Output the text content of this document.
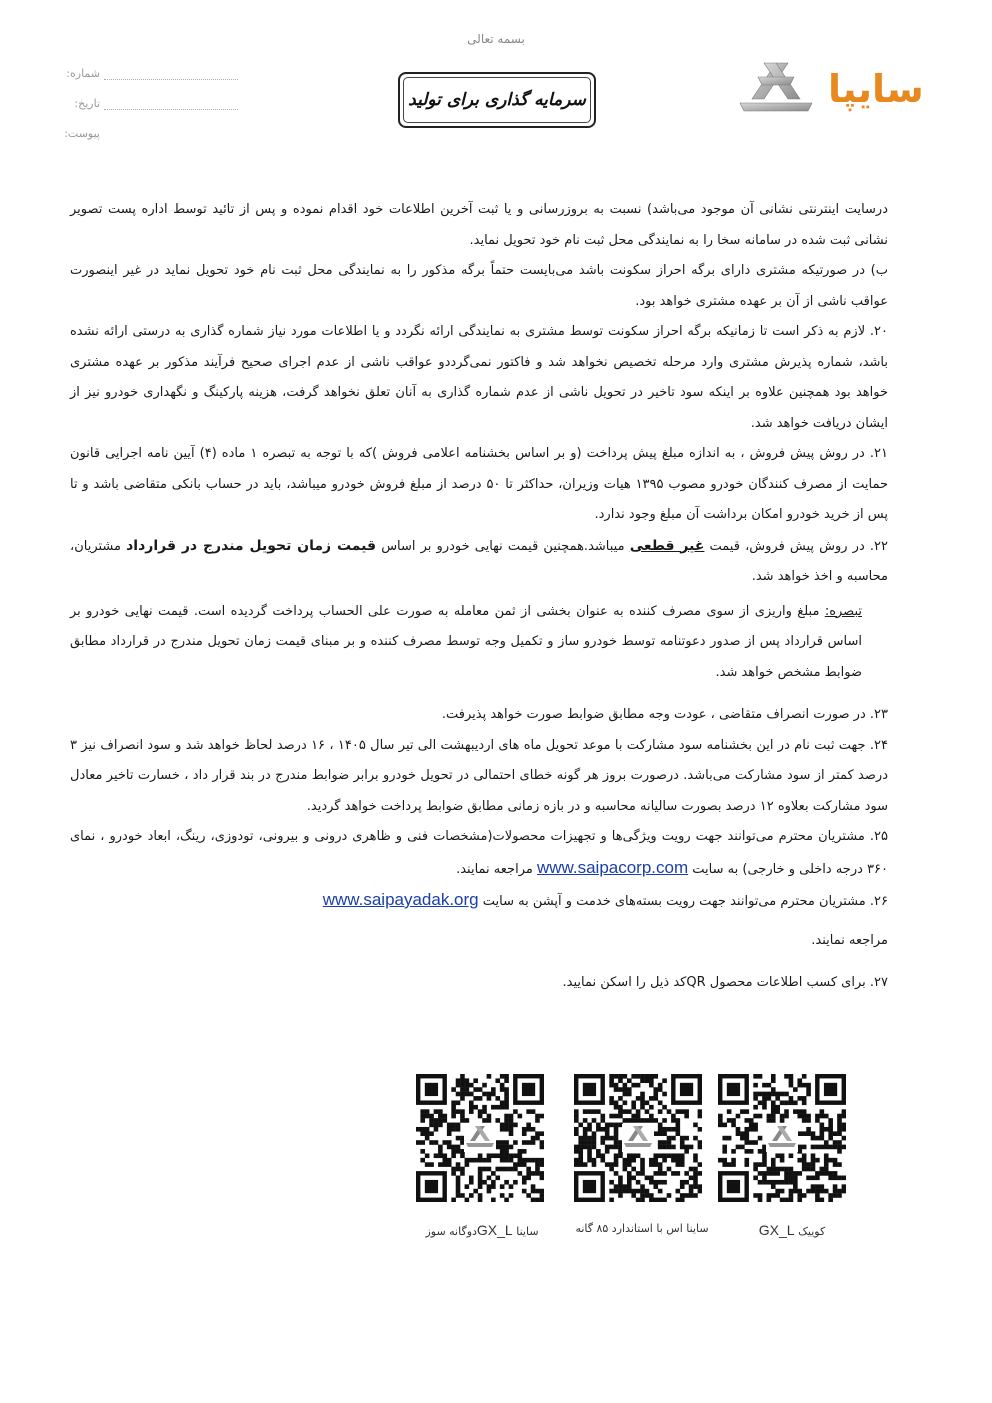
بسمه تعالی
شماره:
تاریخ:
پیوست:
سرمایه گذاری برای تولید	سایپا

درسایت اینترنتی نشانی آن موجود می‌باشد) نسبت به بروزرسانی و یا ثبت آخرین اطلاعات خود اقدام نموده و پس از تائید توسط اداره پست تصویر نشانی ثبت شده در سامانه سخا را به نمایندگی محل ثبت نام خود تحویل نماید.

ب) در صورتیکه مشتری دارای برگه احراز سکونت باشد می‌بایست حتماً برگه مذکور را به نمایندگی محل ثبت نام خود تحویل نماید در غیر اینصورت عواقب ناشی از آن بر عهده مشتری خواهد بود.

۲۰. لازم به ذکر است تا زمانیکه برگه احراز سکونت توسط مشتری به نمایندگی ارائه نگردد و یا اطلاعات مورد نیاز شماره گذاری به درستی ارائه نشده باشد، شماره پذیرش مشتری وارد مرحله تخصیص نخواهد شد و فاکتور نمی‌گرددو عواقب ناشی از عدم اجرای صحیح فرآیند مذکور بر عهده مشتری خواهد بود همچنین علاوه بر اینکه سود تاخیر در تحویل ناشی از عدم شماره گذاری به آنان تعلق نخواهد گرفت، هزینه پارکینگ و نگهداری خودرو نیز از ایشان دریافت خواهد شد.

۲۱. در روش پیش فروش ، به اندازه مبلغ پیش پرداخت (و بر اساس بخشنامه اعلامی فروش )که با توجه به تبصره ۱ ماده (۴) آیین نامه اجرایی قانون حمایت از مصرف کنندگان خودرو مصوب ۱۳۹۵ هیات وزیران، حداکثر تا ۵۰ درصد از مبلغ فروش خودرو میباشد، باید در حساب بانکی متقاضی باشد و تا پس از خرید خودرو امکان برداشت آن مبلغ وجود ندارد.

۲۲. در روش پیش فروش، قیمت غیر قطعی میباشد.همچنین قیمت نهایی خودرو بر اساس قیمت زمان تحویل مندرج در قرارداد مشتریان، محاسبه و اخذ خواهد شد.

تبصره: مبلغ واریزی از سوی مصرف کننده به عنوان بخشی از ثمن معامله به صورت علی الحساب پرداخت گردیده است. قیمت نهایی خودرو بر اساس قرارداد پس از صدور دعوتنامه توسط خودرو ساز و تکمیل وجه توسط مصرف کننده و بر مبنای قیمت زمان تحویل مندرج در قرارداد مطابق ضوابط مشخص خواهد شد.

۲۳. در صورت انصراف متقاضی ، عودت وجه مطابق ضوابط صورت خواهد پذیرفت.

۲۴. جهت ثبت نام در این بخشنامه سود مشارکت با موعد تحویل ماه های اردیبهشت الی تیر سال ۱۴۰۵ ، ۱۶ درصد لحاظ خواهد شد و سود انصراف نیز ۳ درصد کمتر از سود مشارکت می‌باشد. درصورت بروز هر گونه خطای احتمالی در تحویل خودرو برابر ضوابط مندرج در بند قرار داد ، خسارت تاخیر معادل سود مشارکت بعلاوه ۱۲ درصد بصورت سالیانه محاسبه و در بازه زمانی مطابق ضوابط پرداخت خواهد گردید.

۲۵. مشتریان محترم می‌توانند جهت رویت ویژگی‌ها و تجهیزات محصولات(مشخصات فنی و ظاهری درونی و بیرونی، تودوزی، رینگ، ابعاد خودرو ، نمای ۳۶۰ درجه داخلی و خارجی) به سایت www.saipacorp.com مراجعه نمایند.

۲۶. مشتریان محترم می‌توانند جهت رویت بسته‌های خدمت و آپشن به سایت www.saipayadak.org

مراجعه نمایند.

۲۷. برای کسب اطلاعات محصول QRکد ذیل را اسکن نمایید.

کوییک GX_L
ساینا اس با استاندارد ۸۵ گانه
ساینا GX_Lدوگانه سوز
